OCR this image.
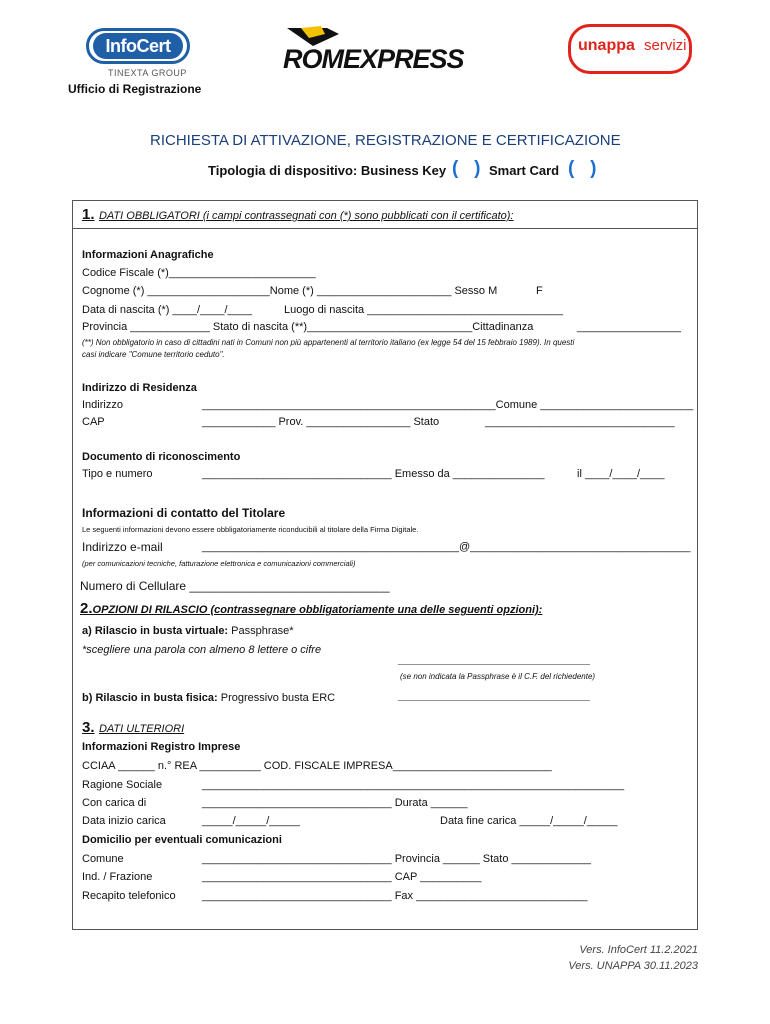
InfoCert
TINEXTA GROUP	ROMEXPRESS	unappa servizi
Ufficio di Registrazione
RICHIESTA DI ATTIVAZIONE, REGISTRAZIONE E CERTIFICAZIONE
Tipologia di dispositivo: Business Key (   ) Smart Card (   )
1. DATI OBBLIGATORI (i campi contrassegnati con (*) sono pubblicati con il certificato):
Informazioni Anagrafiche
Codice Fiscale (*)________________________
Cognome (*) ____________________Nome (*) ______________________ Sesso M	F
Data di nascita (*) ____/____/____	Luogo di nascita ________________________________
Provincia _____________ Stato di nascita (**)___________________________Cittadinanza	_________________
(**) Non obbligatorio in caso di cittadini nati in Comuni non più appartenenti al territorio italiano (ex legge 54 del 15 febbraio 1989). In questi
casi indicare "Comune territorio ceduto".
Indirizzo di Residenza
Indirizzo	________________________________________________Comune _________________________
CAP	____________ Prov. _________________ Stato	_______________________________
Documento di riconoscimento
Tipo e numero	_______________________________ Emesso da _______________	il ____/____/____
Informazioni di contatto del Titolare
Le seguenti informazioni devono essere obbligatoriamente riconducibili al titolare della Firma Digitale.
Indirizzo e-mail	__________________________________________@____________________________________
(per comunicazioni tecniche, fatturazione elettronica e comunicazioni commerciali)
Numero di Cellulare ______________________________
2.OPZIONI DI RILASCIO (contrassegnare obbligatoriamente una delle seguenti opzioni):
a) Rilascio in busta virtuale: Passphrase*
*scegliere una parola con almeno 8 lettere o cifre
______________________________________________
(se non indicata la Passphrase è il C.F. del richiedente)
b) Rilascio in busta fisica: Progressivo busta ERC	______________________________________________
3. DATI ULTERIORI
Informazioni Registro Imprese
CCIAA ______ n.° REA __________ COD. FISCALE IMPRESA__________________________
Ragione Sociale	_____________________________________________________________________
Con carica di	_______________________________ Durata ______
Data inizio carica	_____/_____/_____	Data fine carica _____/_____/_____
Domicilio per eventuali comunicazioni
Comune	_______________________________ Provincia ______ Stato _____________
Ind. / Frazione	_______________________________ CAP __________
Recapito telefonico _______________________________ Fax ____________________________
Vers. InfoCert 11.2.2021
Vers. UNAPPA 30.11.2023
